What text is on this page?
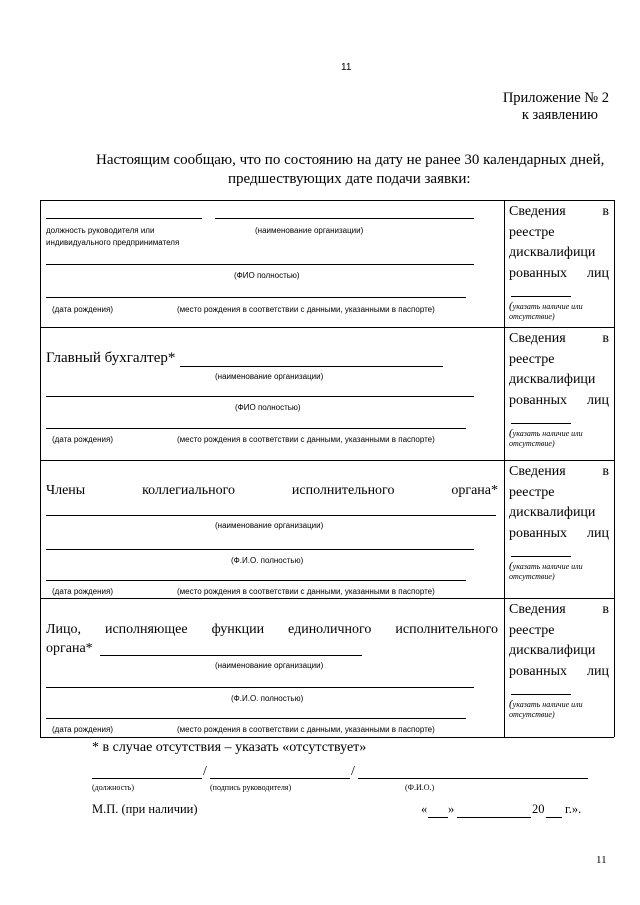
11
11
Приложение № 2
к заявлению
Настоящим сообщаю, что по состоянию на дату не ранее 30 календарных дней,
предшествующих дате подачи заявки:
должность руководителя или
индивидуального предпринимателя
(наименование организации)
(ФИО полностью)
(дата рождения)	(место рождения в соответствии с данными, указанными в паспорте)
Сведения	в
реестре
дисквалифици
рованных лиц
(указать наличие или
отсутствие)
Главный бухгалтер*
(наименование организации)
(ФИО полностью)
(дата рождения)	(место рождения в соответствии с данными, указанными в паспорте)
Сведения	в
реестре
дисквалифици
рованных лиц
(указать наличие или
отсутствие)
Члены	коллегиального	исполнительного	органа*
(наименование организации)
(Ф.И.О. полностью)
(дата рождения)	(место рождения в соответствии с данными, указанными в паспорте)
Сведения	в
реестре
дисквалифици
рованных лиц
(указать наличие или
отсутствие)
Лицо, исполняющее функции единоличного исполнительного
органа*
(наименование организации)
(Ф.И.О. полностью)
(дата рождения)	(место рождения в соответствии с данными, указанными в паспорте)
Сведения	в
реестре
дисквалифици
рованных лиц
(указать наличие или
отсутствие)
* в случае отсутствия – указать «отсутствует»
/	/
(должность)	(подпись руководителя)	(Ф.И.О.)
М.П. (при наличии)	« »	20 г.».
